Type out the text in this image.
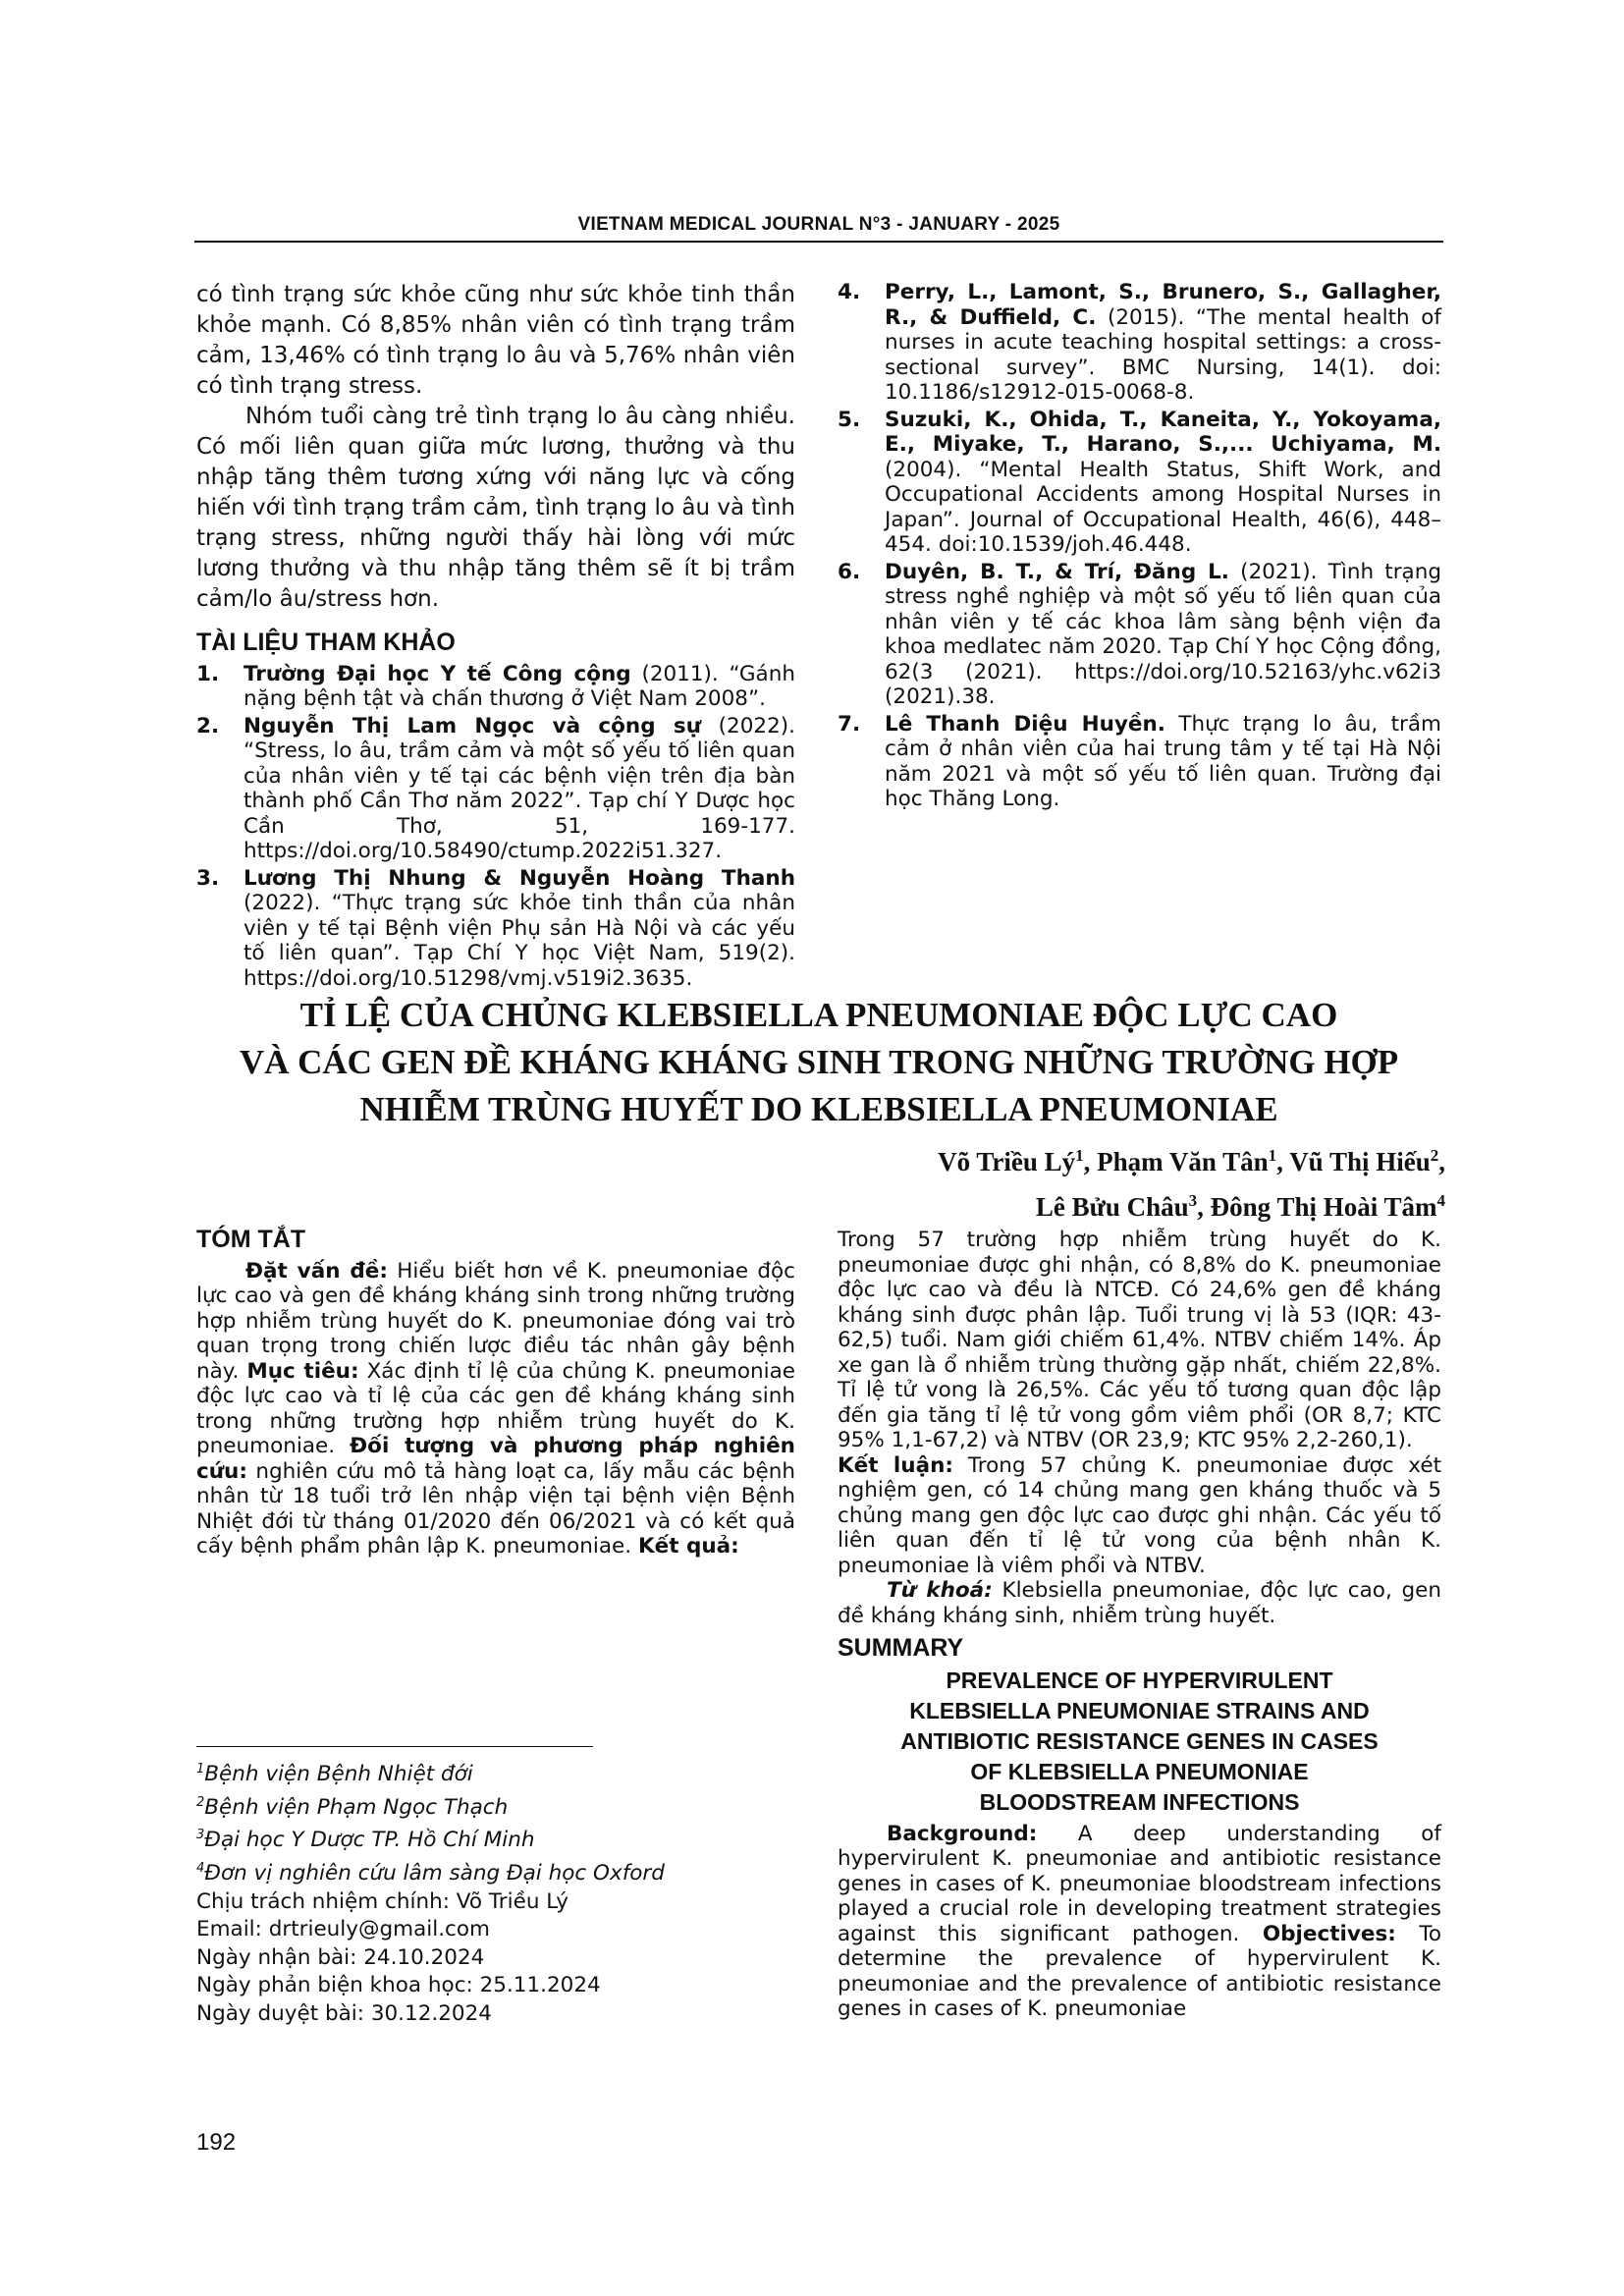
VIETNAM MEDICAL JOURNAL N°3 - JANUARY - 2025

có tình trạng sức khỏe cũng như sức khỏe tinh thần khỏe mạnh. Có 8,85% nhân viên có tình trạng trầm cảm, 13,46% có tình trạng lo âu và 5,76% nhân viên có tình trạng stress.

Nhóm tuổi càng trẻ tình trạng lo âu càng nhiều. Có mối liên quan giữa mức lương, thưởng và thu nhập tăng thêm tương xứng với năng lực và cống hiến với tình trạng trầm cảm, tình trạng lo âu và tình trạng stress, những người thấy hài lòng với mức lương thưởng và thu nhập tăng thêm sẽ ít bị trầm cảm/lo âu/stress hơn.

TÀI LIỆU THAM KHẢO
1. Trường Đại học Y tế Công cộng (2011). “Gánh nặng bệnh tật và chấn thương ở Việt Nam 2008”.
2. Nguyễn Thị Lam Ngọc và cộng sự (2022). “Stress, lo âu, trầm cảm và một số yếu tố liên quan của nhân viên y tế tại các bệnh viện trên địa bàn thành phố Cần Thơ năm 2022”. Tạp chí Y Dược học Cần Thơ, 51, 169-177. https://doi.org/10.58490/ctump.2022i51.327.
3. Lương Thị Nhung & Nguyễn Hoàng Thanh (2022). “Thực trạng sức khỏe tinh thần của nhân viên y tế tại Bệnh viện Phụ sản Hà Nội và các yếu tố liên quan”. Tạp Chí Y học Việt Nam, 519(2). https://doi.org/10.51298/vmj.v519i2.3635.
4. Perry, L., Lamont, S., Brunero, S., Gallagher, R., & Duffield, C. (2015). “The mental health of nurses in acute teaching hospital settings: a cross-sectional survey”. BMC Nursing, 14(1). doi: 10.1186/s12912-015-0068-8.
5. Suzuki, K., Ohida, T., Kaneita, Y., Yokoyama, E., Miyake, T., Harano, S.,... Uchiyama, M. (2004). “Mental Health Status, Shift Work, and Occupational Accidents among Hospital Nurses in Japan”. Journal of Occupational Health, 46(6), 448–454. doi:10.1539/joh.46.448.
6. Duyên, B. T., & Trí, Đăng L. (2021). Tình trạng stress nghề nghiệp và một số yếu tố liên quan của nhân viên y tế các khoa lâm sàng bệnh viện đa khoa medlatec năm 2020. Tạp Chí Y học Cộng đồng, 62(3 (2021). https://doi.org/10.52163/yhc.v62i3 (2021).38.
7. Lê Thanh Diệu Huyền. Thực trạng lo âu, trầm cảm ở nhân viên của hai trung tâm y tế tại Hà Nội năm 2021 và một số yếu tố liên quan. Trường đại học Thăng Long.
TỈ LỆ CỦA CHỦNG KLEBSIELLA PNEUMONIAE ĐỘC LỰC CAO
VÀ CÁC GEN ĐỀ KHÁNG KHÁNG SINH TRONG NHỮNG TRƯỜNG HỢP
NHIỄM TRÙNG HUYẾT DO KLEBSIELLA PNEUMONIAE
Võ Triều $Lý^1$, Phạm Văn Tân$^1$, Vũ Thị Hiếu$^2$,
Lê Bửu Châu$^3$, Đông Thị Hoài Tâm$^4$
TÓM TẮT

Đặt vấn đề: Hiểu biết hơn về K. pneumoniae độc lực cao và gen đề kháng kháng sinh trong những trường hợp nhiễm trùng huyết do K. pneumoniae đóng vai trò quan trọng trong chiến lược điều tác nhân gây bệnh này. Mục tiêu: Xác định tỉ lệ của chủng K. pneumoniae độc lực cao và tỉ lệ của các gen đề kháng kháng sinh trong những trường hợp nhiễm trùng huyết do K. pneumoniae. Đối tượng và phương pháp nghiên cứu: nghiên cứu mô tả hàng loạt ca, lấy mẫu các bệnh nhân từ 18 tuổi trở lên nhập viện tại bệnh viện Bệnh Nhiệt đới từ tháng 01/2020 đến 06/2021 và có kết quả cấy bệnh phẩm phân lập K. pneumoniae. Kết quả:

Trong 57 trường hợp nhiễm trùng huyết do K. pneumoniae được ghi nhận, có 8,8% do K. pneumoniae độc lực cao và đều là NTCĐ. Có 24,6% gen đề kháng kháng sinh được phân lập. Tuổi trung vị là 53 (IQR: 43-62,5) tuổi. Nam giới chiếm 61,4%. NTBV chiếm 14%. Áp xe gan là ổ nhiễm trùng thường gặp nhất, chiếm 22,8%. Tỉ lệ tử vong là 26,5%. Các yếu tố tương quan độc lập đến gia tăng tỉ lệ tử vong gồm viêm phổi (OR 8,7; KTC 95% 1,1-67,2) và NTBV (OR 23,9; KTC 95% 2,2-260,1).

Kết luận: Trong 57 chủng K. pneumoniae được xét nghiệm gen, có 14 chủng mang gen kháng thuốc và 5 chủng mang gen độc lực cao được ghi nhận. Các yếu tố liên quan đến tỉ lệ tử vong của bệnh nhân K. pneumoniae là viêm phổi và NTBV.

Từ khoá: Klebsiella pneumoniae, độc lực cao, gen đề kháng kháng sinh, nhiễm trùng huyết.

SUMMARY
PREVALENCE OF HYPERVIRULENT
KLEBSIELLA PNEUMONIAE STRAINS AND
ANTIBIOTIC RESISTANCE GENES IN CASES
OF KLEBSIELLA PNEUMONIAE
BLOODSTREAM INFECTIONS

Background: A deep understanding of hypervirulent K. pneumoniae and antibiotic resistance genes in cases of K. pneumoniae bloodstream infections played a crucial role in developing treatment strategies against this significant pathogen. Objectives: To determine the prevalence of hypervirulent K. pneumoniae and the prevalence of antibiotic resistance genes in cases of K. pneumoniae

$^1$Bệnh viện Bệnh Nhiệt đới
$^2$Bệnh viện Phạm Ngọc Thạch
$^3$Đại học Y Dược TP. Hồ Chí Minh
$^4$Đơn vị nghiên cứu lâm sàng Đại học Oxford
Chịu trách nhiệm chính: Võ Triều Lý
Email: drtrieuly@gmail.com
Ngày nhận bài: 24.10.2024
Ngày phản biện khoa học: 25.11.2024
Ngày duyệt bài: 30.12.2024
192
